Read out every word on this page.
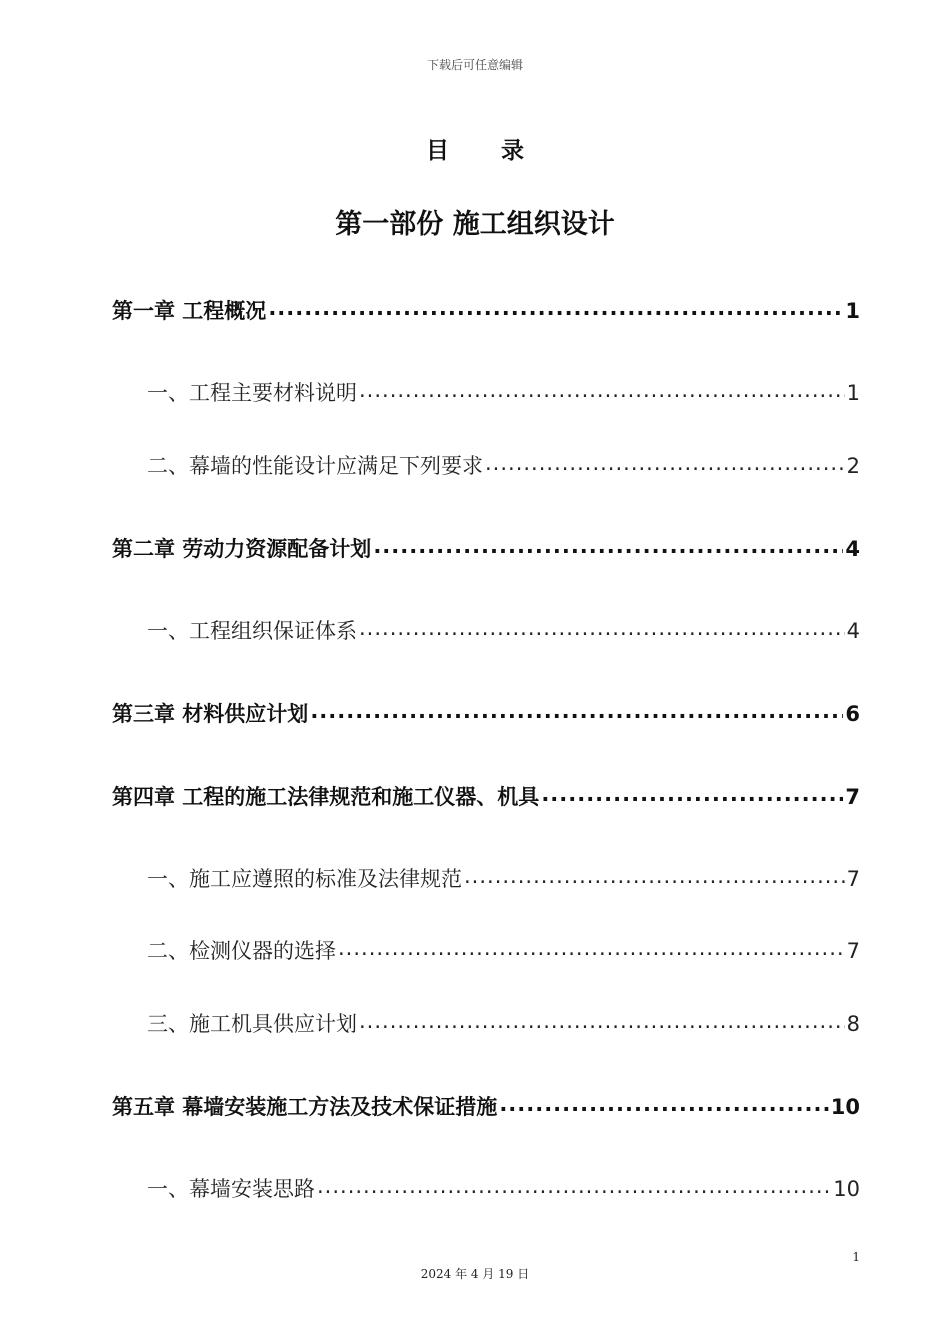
下载后可任意编辑
目 录
第一部份 施工组织设计
第一章 工程概况 .....	1
一、工程主要材料说明 .....	1
二、幕墙的性能设计应满足下列要求 .....	2
第二章 劳动力资源配备计划 .....	4
一、工程组织保证体系 .....	4
第三章 材料供应计划 .....	6
第四章 工程的施工法律规范和施工仪器、机具 .....	7
一、施工应遵照的标准及法律规范 .....	7
二、检测仪器的选择 .....	7
三、施工机具供应计划 .....	8
第五章 幕墙安装施工方法及技术保证措施 .....	10
一、幕墙安装思路 .....	10
1
2024 年 4 月 19 日
